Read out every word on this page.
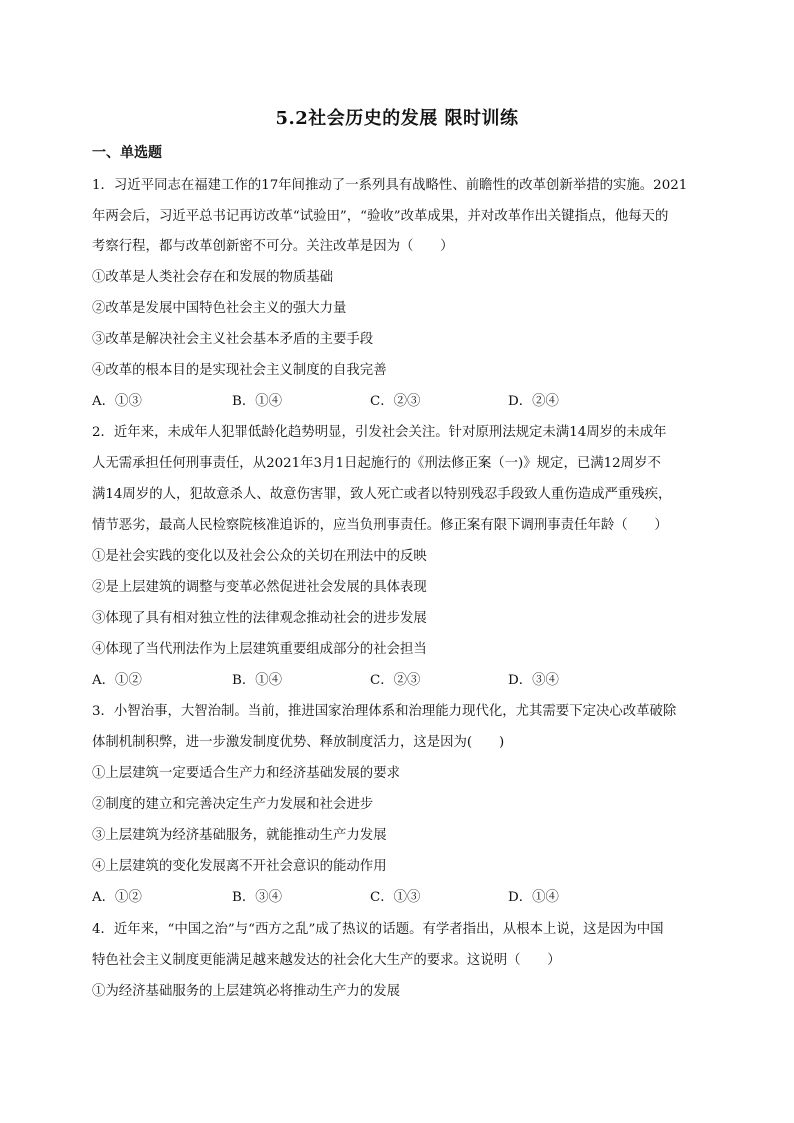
5.2社会历史的发展 限时训练
一、单选题
1．习近平同志在福建工作的17年间推动了一系列具有战略性、前瞻性的改革创新举措的实施。2021
年两会后，习近平总书记再访改革“试验田”，“验收”改革成果，并对改革作出关键指点，他每天的
考察行程，都与改革创新密不可分。关注改革是因为（　　）
①改革是人类社会存在和发展的物质基础
②改革是发展中国特色社会主义的强大力量
③改革是解决社会主义社会基本矛盾的主要手段
④改革的根本目的是实现社会主义制度的自我完善
A．①③	B．①④	C．②③	D．②④
2．近年来，未成年人犯罪低龄化趋势明显，引发社会关注。针对原刑法规定未满14周岁的未成年
人无需承担任何刑事责任，从2021年3月1日起施行的《刑法修正案（一)》规定，已满12周岁不
满14周岁的人，犯故意杀人、故意伤害罪，致人死亡或者以特别残忍手段致人重伤造成严重残疾，
情节恶劣，最高人民检察院核准追诉的，应当负刑事责任。修正案有限下调刑事责任年龄（　　）
①是社会实践的变化以及社会公众的关切在刑法中的反映
②是上层建筑的调整与变革必然促进社会发展的具体表现
③体现了具有相对独立性的法律观念推动社会的进步发展
④体现了当代刑法作为上层建筑重要组成部分的社会担当
A．①②	B．①④	C．②③	D．③④
3．小智治事，大智治制。当前，推进国家治理体系和治理能力现代化，尤其需要下定决心改革破除
体制机制积弊，进一步激发制度优势、释放制度活力，这是因为(　　)
①上层建筑一定要适合生产力和经济基础发展的要求
②制度的建立和完善决定生产力发展和社会进步
③上层建筑为经济基础服务，就能推动生产力发展
④上层建筑的变化发展离不开社会意识的能动作用
A．①②	B．③④	C．①③	D．①④
4．近年来，“中国之治”与“西方之乱”成了热议的话题。有学者指出，从根本上说，这是因为中国
特色社会主义制度更能满足越来越发达的社会化大生产的要求。这说明（　　）
①为经济基础服务的上层建筑必将推动生产力的发展
